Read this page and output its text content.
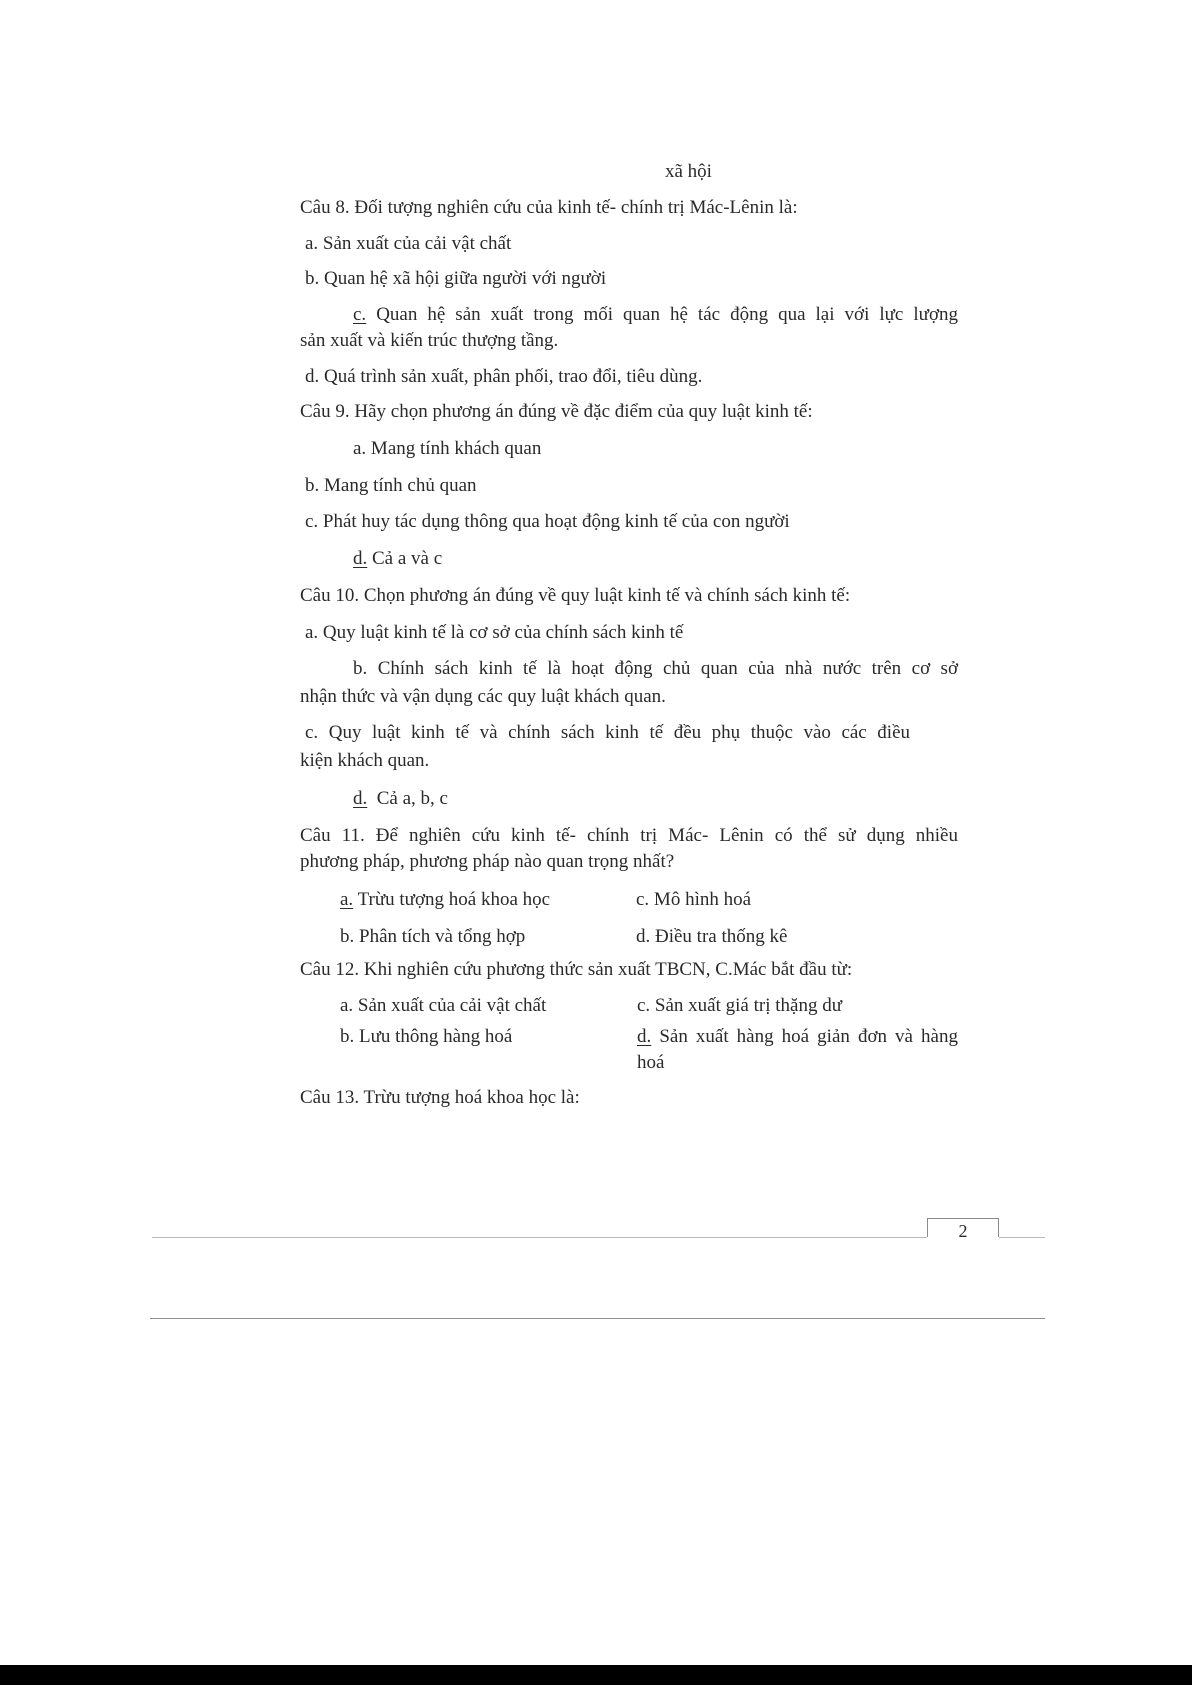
xã hội
Câu 8. Đối tượng nghiên cứu của kinh tế- chính trị Mác-Lênin là:
a. Sản xuất của cải vật chất
b. Quan hệ xã hội giữa người với người
c. Quan hệ sản xuất trong mối quan hệ tác động qua lại với lực lượng
sản xuất và kiến trúc thượng tầng.
d. Quá trình sản xuất, phân phối, trao đổi, tiêu dùng.
Câu 9. Hãy chọn phương án đúng về đặc điểm của quy luật kinh tế:
a. Mang tính khách quan
b. Mang tính chủ quan
c. Phát huy tác dụng thông qua hoạt động kinh tế của con người
d. Cả a và c
Câu 10. Chọn phương án đúng về quy luật kinh tế và chính sách kinh tế:
a. Quy luật kinh tế là cơ sở của chính sách kinh tế
b. Chính sách kinh tế là hoạt động chủ quan của nhà nước trên cơ sở
nhận thức và vận dụng các quy luật khách quan.
c. Quy luật kinh tế và chính sách kinh tế đều phụ thuộc vào các điều
kiện khách quan.
d.  Cả a, b, c
Câu 11. Để nghiên cứu kinh tế- chính trị Mác- Lênin có thể sử dụng nhiều
phương pháp, phương pháp nào quan trọng nhất?
a. Trừu tượng hoá khoa học	c. Mô hình hoá
b. Phân tích và tổng hợp	d. Điều tra thống kê
Câu 12. Khi nghiên cứu phương thức sản xuất TBCN, C.Mác bắt đầu từ:
a. Sản xuất của cải vật chất	c. Sản xuất giá trị thặng dư
b. Lưu thông hàng hoá	d. Sản xuất hàng hoá giản đơn và hàng
hoá
Câu 13. Trừu tượng hoá khoa học là:
2
